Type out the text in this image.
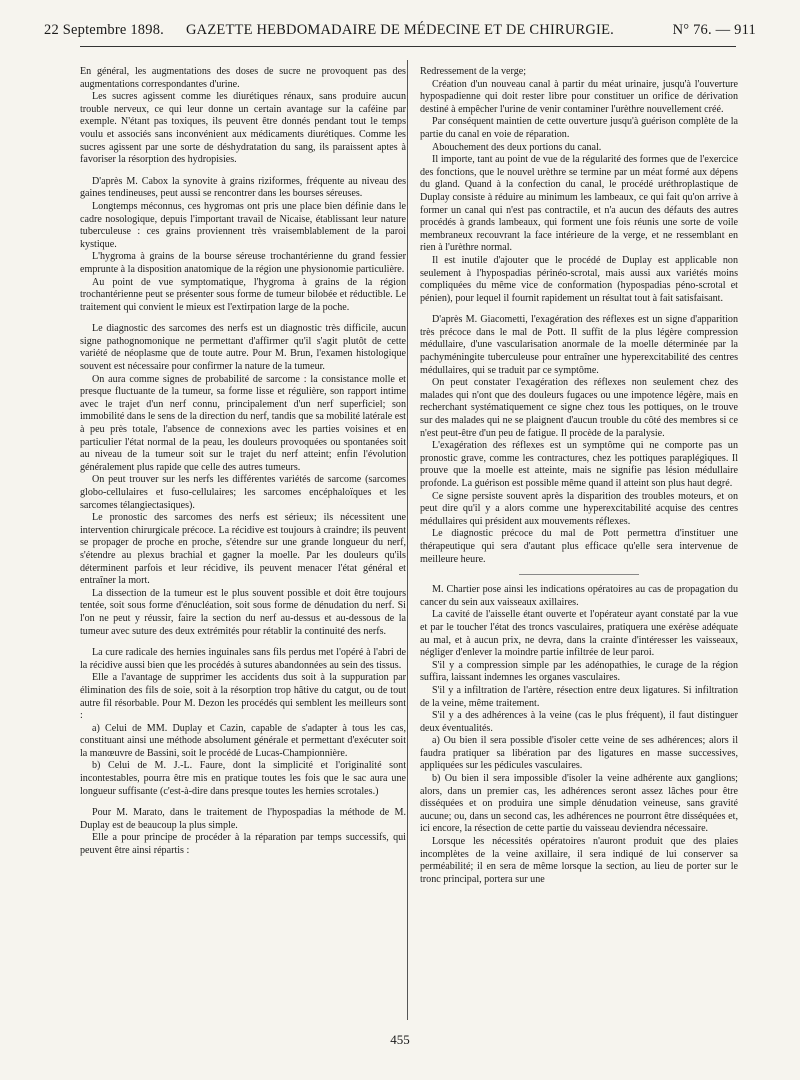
22 Septembre 1898.	GAZETTE HEBDOMADAIRE DE MÉDECINE ET DE CHIRURGIE.	N° 76. — 911

En général, les augmentations des doses de sucre ne provoquent pas des augmentations correspondantes d'urine.

Les sucres agissent comme les diurétiques rénaux, sans produire aucun trouble nerveux, ce qui leur donne un certain avantage sur la caféine par exemple. N'étant pas toxiques, ils peuvent être donnés pendant tout le temps voulu et associés sans inconvénient aux médicaments diurétiques. Comme les sucres agissent par une sorte de déshydratation du sang, ils paraissent aptes à favoriser la résorption des hydropisies.

D'après M. Cabox la synovite à grains riziformes, fréquente au niveau des gaines tendineuses, peut aussi se rencontrer dans les bourses séreuses.

Longtemps méconnus, ces hygromas ont pris une place bien définie dans le cadre nosologique, depuis l'important travail de Nicaise, établissant leur nature tuberculeuse : ces grains proviennent très vraisemblablement de la paroi kystique.

L'hygroma à grains de la bourse séreuse trochantérienne du grand fessier emprunte à la disposition anatomique de la région une physionomie particulière.

Au point de vue symptomatique, l'hygroma à grains de la région trochantérienne peut se présenter sous forme de tumeur bilobée et réductible. Le traitement qui convient le mieux est l'extirpation large de la poche.

Le diagnostic des sarcomes des nerfs est un diagnostic très difficile, aucun signe pathognomonique ne permettant d'affirmer qu'il s'agit plutôt de cette variété de néoplasme que de toute autre. Pour M. Brun, l'examen histologique souvent est nécessaire pour confirmer la nature de la tumeur.

On aura comme signes de probabilité de sarcome : la consistance molle et presque fluctuante de la tumeur, sa forme lisse et régulière, son rapport intime avec le trajet d'un nerf connu, principalement d'un nerf superficiel; son immobilité dans le sens de la direction du nerf, tandis que sa mobilité latérale est à peu près totale, l'absence de connexions avec les parties voisines et en particulier l'état normal de la peau, les douleurs provoquées ou spontanées soit au niveau de la tumeur soit sur le trajet du nerf atteint; enfin l'évolution généralement plus rapide que celle des autres tumeurs.

On peut trouver sur les nerfs les différentes variétés de sarcome (sarcomes globo-cellulaires et fuso-cellulaires; les sarcomes encéphaloïques et les sarcomes télangiectasiques).

Le pronostic des sarcomes des nerfs est sérieux; ils nécessitent une intervention chirurgicale précoce. La récidive est toujours à craindre; ils peuvent se propager de proche en proche, s'étendre sur une grande longueur du nerf, s'étendre au plexus brachial et gagner la moelle. Par les douleurs qu'ils déterminent parfois et leur récidive, ils peuvent menacer l'état général et entraîner la mort.

La dissection de la tumeur est le plus souvent possible et doit être toujours tentée, soit sous forme d'énucléation, soit sous forme de dénudation du nerf. Si l'on ne peut y réussir, faire la section du nerf au-dessus et au-dessous de la tumeur avec suture des deux extrémités pour rétablir la continuité des nerfs.

La cure radicale des hernies inguinales sans fils perdus met l'opéré à l'abri de la récidive aussi bien que les procédés à sutures abandonnées au sein des tissus.

Elle a l'avantage de supprimer les accidents dus soit à la suppuration par élimination des fils de soie, soit à la résorption trop hâtive du catgut, ou de tout autre fil résorbable. Pour M. Dezon les procédés qui semblent les meilleurs sont :

a) Celui de MM. Duplay et Cazin, capable de s'adapter à tous les cas, constituant ainsi une méthode absolument générale et permettant d'exécuter soit la manœuvre de Bassini, soit le procédé de Lucas-Championnière.

b) Celui de M. J.-L. Faure, dont la simplicité et l'originalité sont incontestables, pourra être mis en pratique toutes les fois que le sac aura une longueur suffisante (c'est-à-dire dans presque toutes les hernies scrotales.)

Pour M. Marato, dans le traitement de l'hypospadias la méthode de M. Duplay est de beaucoup la plus simple.

Elle a pour principe de procéder à la réparation par temps successifs, qui peuvent être ainsi répartis :

Redressement de la verge;

Création d'un nouveau canal à partir du méat urinaire, jusqu'à l'ouverture hypospadienne qui doit rester libre pour constituer un orifice de dérivation destiné à empêcher l'urine de venir contaminer l'urèthre nouvellement créé.

Par conséquent maintien de cette ouverture jusqu'à guérison complète de la partie du canal en voie de réparation.

Abouchement des deux portions du canal.

Il importe, tant au point de vue de la régularité des formes que de l'exercice des fonctions, que le nouvel urèthre se termine par un méat formé aux dépens du gland. Quand à la confection du canal, le procédé uréthroplastique de Duplay consiste à réduire au minimum les lambeaux, ce qui fait qu'on arrive à former un canal qui n'est pas contractile, et n'a aucun des défauts des autres procédés à grands lambeaux, qui forment une fois réunis une sorte de voile membraneux recouvrant la face intérieure de la verge, et ne ressemblant en rien à l'urèthre normal.

Il est inutile d'ajouter que le procédé de Duplay est applicable non seulement à l'hypospadias périnéo-scrotal, mais aussi aux variétés moins compliquées du même vice de conformation (hypospadias péno-scrotal et pénien), pour lequel il fournit rapidement un résultat tout à fait satisfaisant.

D'après M. Giacometti, l'exagération des réflexes est un signe d'apparition très précoce dans le mal de Pott. Il suffit de la plus légère compression médullaire, d'une vascularisation anormale de la moelle déterminée par la pachyméningite tuberculeuse pour entraîner une hyperexcitabilité des centres médullaires, qui se traduit par ce symptôme.

On peut constater l'exagération des réflexes non seulement chez des malades qui n'ont que des douleurs fugaces ou une impotence légère, mais en recherchant systématiquement ce signe chez tous les pottiques, on le trouve sur des malades qui ne se plaignent d'aucun trouble du côté des membres si ce n'est peut-être d'un peu de fatigue. Il procède de la paralysie.

L'exagération des réflexes est un symptôme qui ne comporte pas un pronostic grave, comme les contractures, chez les pottiques paraplégiques. Il prouve que la moelle est atteinte, mais ne signifie pas lésion médullaire profonde. La guérison est possible même quand il atteint son plus haut degré.

Ce signe persiste souvent après la disparition des troubles moteurs, et on peut dire qu'il y a alors comme une hyperexcitabilité acquise des centres médullaires qui président aux mouvements réflexes.

Le diagnostic précoce du mal de Pott permettra d'instituer une thérapeutique qui sera d'autant plus efficace qu'elle sera intervenue de meilleure heure.

M. Chartier pose ainsi les indications opératoires au cas de propagation du cancer du sein aux vaisseaux axillaires.

La cavité de l'aisselle étant ouverte et l'opérateur ayant constaté par la vue et par le toucher l'état des troncs vasculaires, pratiquera une exérèse adéquate au mal, et à aucun prix, ne devra, dans la crainte d'intéresser les vaisseaux, négliger d'enlever la moindre partie infiltrée de leur paroi.

S'il y a compression simple par les adénopathies, le curage de la région suffira, laissant indemnes les organes vasculaires.

S'il y a infiltration de l'artère, résection entre deux ligatures. Si infiltration de la veine, même traitement.

S'il y a des adhérences à la veine (cas le plus fréquent), il faut distinguer deux éventualités.

a) Ou bien il sera possible d'isoler cette veine de ses adhérences; alors il faudra pratiquer sa libération par des ligatures en masse successives, appliquées sur les pédicules vasculaires.

b) Ou bien il sera impossible d'isoler la veine adhérente aux ganglions; alors, dans un premier cas, les adhérences seront assez lâches pour être disséquées et on produira une simple dénudation veineuse, sans gravité aucune; ou, dans un second cas, les adhérences ne pourront être disséquées et, ici encore, la résection de cette partie du vaisseau deviendra nécessaire.

Lorsque les nécessités opératoires n'auront produit que des plaies incomplètes de la veine axillaire, il sera indiqué de lui conserver sa perméabilité; il en sera de même lorsque la section, au lieu de porter sur le tronc principal, portera sur une

455
